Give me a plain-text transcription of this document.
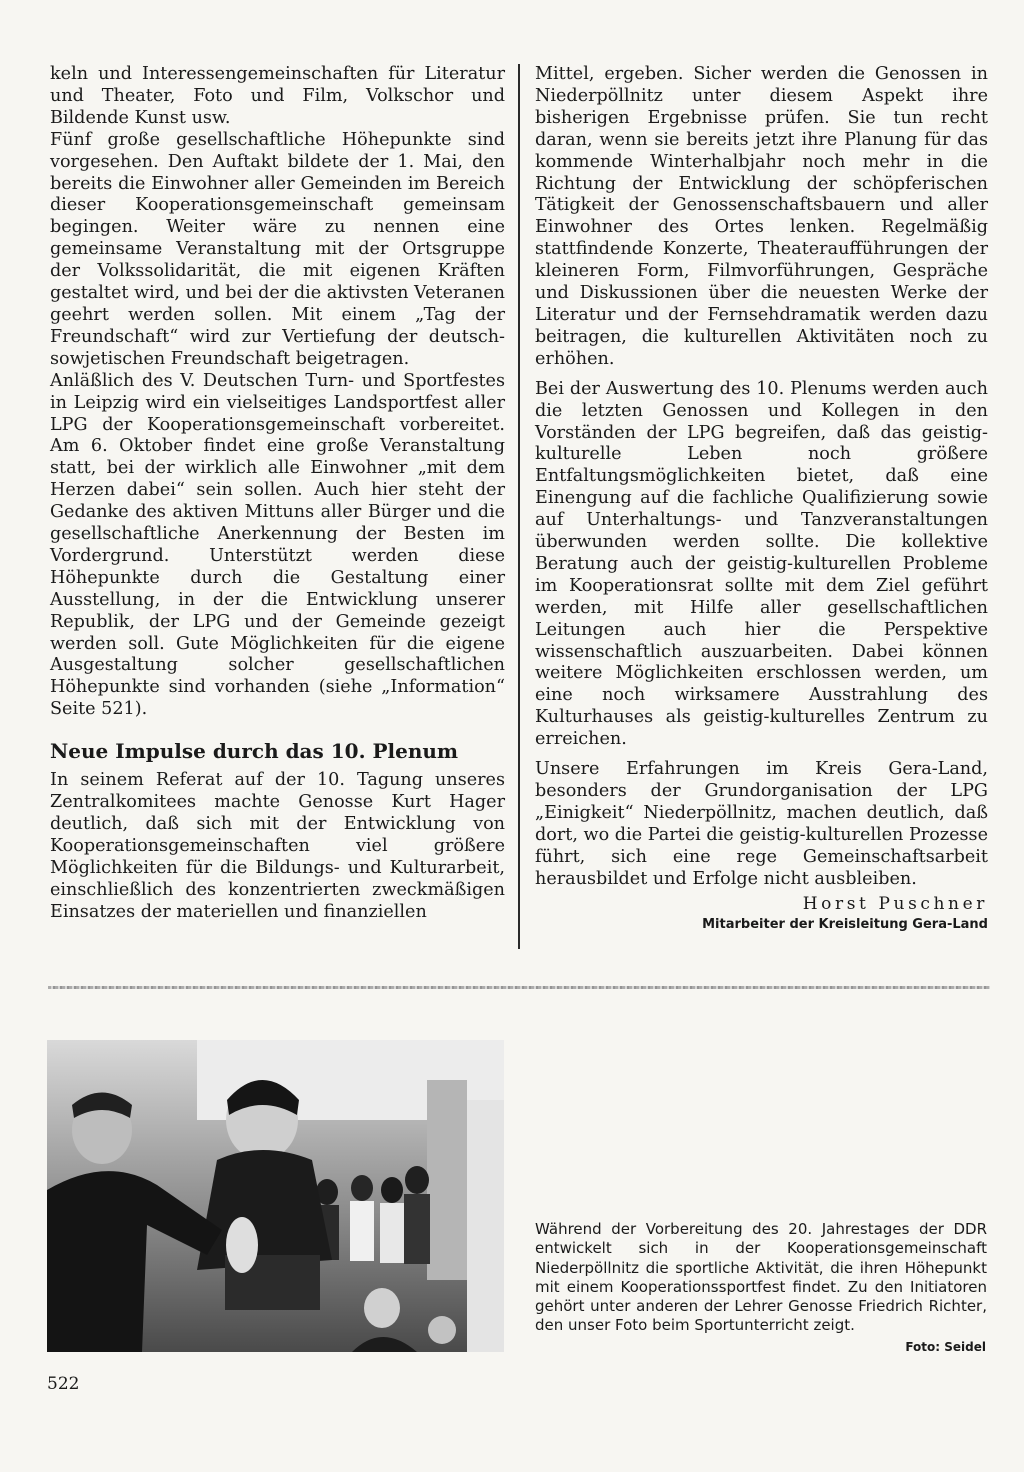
keln und Interessengemeinschaften für Literatur und Theater, Foto und Film, Volkschor und Bildende Kunst usw.

Fünf große gesellschaftliche Höhepunkte sind vorgesehen. Den Auftakt bildete der 1. Mai, den bereits die Einwohner aller Gemeinden im Bereich dieser Kooperationsgemeinschaft gemeinsam begingen. Weiter wäre zu nennen eine gemeinsame Veranstaltung mit der Ortsgruppe der Volkssolidarität, die mit eigenen Kräften gestaltet wird, und bei der die aktivsten Veteranen geehrt werden sollen. Mit einem „Tag der Freundschaft“ wird zur Vertiefung der deutsch-sowjetischen Freundschaft beigetragen.

Anläßlich des V. Deutschen Turn- und Sportfestes in Leipzig wird ein vielseitiges Landsportfest aller LPG der Kooperationsgemeinschaft vorbereitet. Am 6. Oktober findet eine große Veranstaltung statt, bei der wirklich alle Einwohner „mit dem Herzen dabei“ sein sollen. Auch hier steht der Gedanke des aktiven Mittuns aller Bürger und die gesellschaftliche Anerkennung der Besten im Vordergrund. Unterstützt werden diese Höhepunkte durch die Gestaltung einer Ausstellung, in der die Entwicklung unserer Republik, der LPG und der Gemeinde gezeigt werden soll. Gute Möglichkeiten für die eigene Ausgestaltung solcher gesellschaftlichen Höhepunkte sind vorhanden (siehe „Information“ Seite 521).

Neue Impulse durch das 10. Plenum

In seinem Referat auf der 10. Tagung unseres Zentralkomitees machte Genosse Kurt Hager deutlich, daß sich mit der Entwicklung von Kooperationsgemeinschaften viel größere Möglichkeiten für die Bildungs- und Kulturarbeit, einschließlich des konzentrierten zweckmäßigen Einsatzes der materiellen und finanziellen

Mittel, ergeben. Sicher werden die Genossen in Niederpöllnitz unter diesem Aspekt ihre bisherigen Ergebnisse prüfen. Sie tun recht daran, wenn sie bereits jetzt ihre Planung für das kommende Winterhalbjahr noch mehr in die Richtung der Entwicklung der schöpferischen Tätigkeit der Genossenschaftsbauern und aller Einwohner des Ortes lenken. Regelmäßig stattfindende Konzerte, Theateraufführungen der kleineren Form, Filmvorführungen, Gespräche und Diskussionen über die neuesten Werke der Literatur und der Fernsehdramatik werden dazu beitragen, die kulturellen Aktivitäten noch zu erhöhen.

Bei der Auswertung des 10. Plenums werden auch die letzten Genossen und Kollegen in den Vorständen der LPG begreifen, daß das geistig-kulturelle Leben noch größere Entfaltungsmöglichkeiten bietet, daß eine Einengung auf die fachliche Qualifizierung sowie auf Unterhaltungs- und Tanzveranstaltungen überwunden werden sollte. Die kollektive Beratung auch der geistig-kulturellen Probleme im Kooperationsrat sollte mit dem Ziel geführt werden, mit Hilfe aller gesellschaftlichen Leitungen auch hier die Perspektive wissenschaftlich auszuarbeiten. Dabei können weitere Möglichkeiten erschlossen werden, um eine noch wirksamere Ausstrahlung des Kulturhauses als geistig-kulturelles Zentrum zu erreichen.

Unsere Erfahrungen im Kreis Gera-Land, besonders der Grundorganisation der LPG „Einigkeit“ Niederpöllnitz, machen deutlich, daß dort, wo die Partei die geistig-kulturellen Prozesse führt, sich eine rege Gemeinschaftsarbeit herausbildet und Erfolge nicht ausbleiben.

Horst Puschner
Mitarbeiter der Kreisleitung Gera-Land
Während der Vorbereitung des 20. Jahrestages der DDR entwickelt sich in der Kooperationsgemeinschaft Niederpöllnitz die sportliche Aktivität, die ihren Höhepunkt mit einem Kooperationssportfest findet. Zu den Initiatoren gehört unter anderen der Lehrer Genosse Friedrich Richter, den unser Foto beim Sportunterricht zeigt.
Foto: Seidel
522
